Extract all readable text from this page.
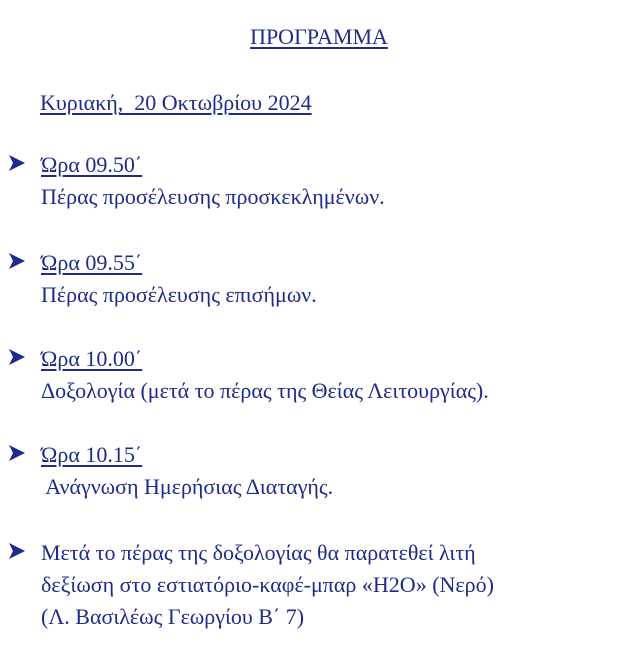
ΠΡΟΓΡΑΜΜΑ
Κυριακή,  20 Οκτωβρίου 2024
Ώρα 09.50΄
Πέρας προσέλευσης προσκεκλημένων.
Ώρα 09.55΄
Πέρας προσέλευσης επισήμων.
Ώρα 10.00΄
Δοξολογία (μετά το πέρας της Θείας Λειτουργίας).
Ώρα 10.15΄
Ανάγνωση Ημερήσιας Διαταγής.
Μετά το πέρας της δοξολογίας θα παρατεθεί λιτή
δεξίωση στο εστιατόριο-καφέ-μπαρ «Η2Ο» (Νερό)
(Λ. Βασιλέως Γεωργίου Β΄ 7)
